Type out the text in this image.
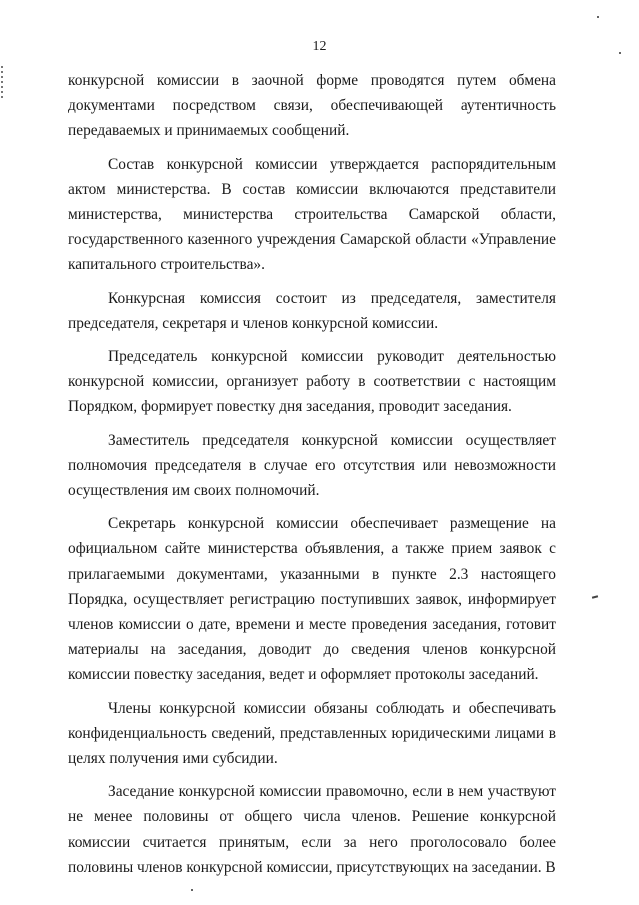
12

конкурсной комиссии в заочной форме проводятся путем обмена документами посредством связи, обеспечивающей аутентичность передаваемых и принимаемых сообщений.

Состав конкурсной комиссии утверждается распорядительным актом министерства. В состав комиссии включаются представители министерства, министерства строительства Самарской области, государственного казенного учреждения Самарской области «Управление капитального строительства».

Конкурсная комиссия состоит из председателя, заместителя председателя, секретаря и членов конкурсной комиссии.

Председатель конкурсной комиссии руководит деятельностью конкурсной комиссии, организует работу в соответствии с настоящим Порядком, формирует повестку дня заседания, проводит заседания.

Заместитель председателя конкурсной комиссии осуществляет полномочия председателя в случае его отсутствия или невозможности осуществления им своих полномочий.

Секретарь конкурсной комиссии обеспечивает размещение на официальном сайте министерства объявления, а также прием заявок с прилагаемыми документами, указанными в пункте 2.3 настоящего Порядка, осуществляет регистрацию поступивших заявок, информирует членов комиссии о дате, времени и месте проведения заседания, готовит материалы на заседания, доводит до сведения членов конкурсной комиссии повестку заседания, ведет и оформляет протоколы заседаний.

Члены конкурсной комиссии обязаны соблюдать и обеспечивать конфиденциальность сведений, представленных юридическими лицами в целях получения ими субсидии.

Заседание конкурсной комиссии правомочно, если в нем участвуют не менее половины от общего числа членов. Решение конкурсной комиссии считается принятым, если за него проголосовало более половины членов конкурсной комиссии, присутствующих на заседании. В
